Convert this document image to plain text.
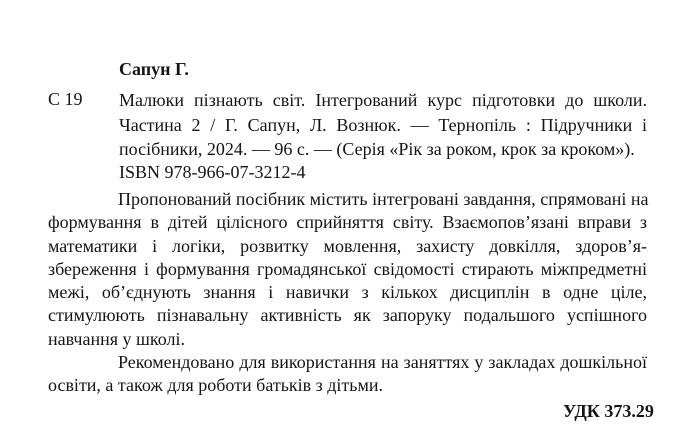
Сапун Г.
С 19 Малюки пізнають світ. Інтегрований курс підготовки до школи.
Частина 2 / Г. Сапун, Л. Вознюк. — Тернопіль : Підручники і
посібники, 2024. — 96 с. — (Серія «Рік за роком, крок за кроком»).
ISBN 978-966-07-3212-4
Пропонований посібник містить інтегровані завдання, спрямовані на
формування в дітей цілісного сприйняття світу. Взаємопов’язані вправи з
математики і логіки, розвитку мовлення, захисту довкілля, здоров’я-
збереження і формування громадянської свідомості стирають міжпредметні
межі, об’єднують знання і навички з кількох дисциплін в одне ціле,
стимулюють пізнавальну активність як запоруку подальшого успішного
навчання у школі.
Рекомендовано для використання на заняттях у закладах дошкільної
освіти, а також для роботи батьків з дітьми.
УДК 373.29
